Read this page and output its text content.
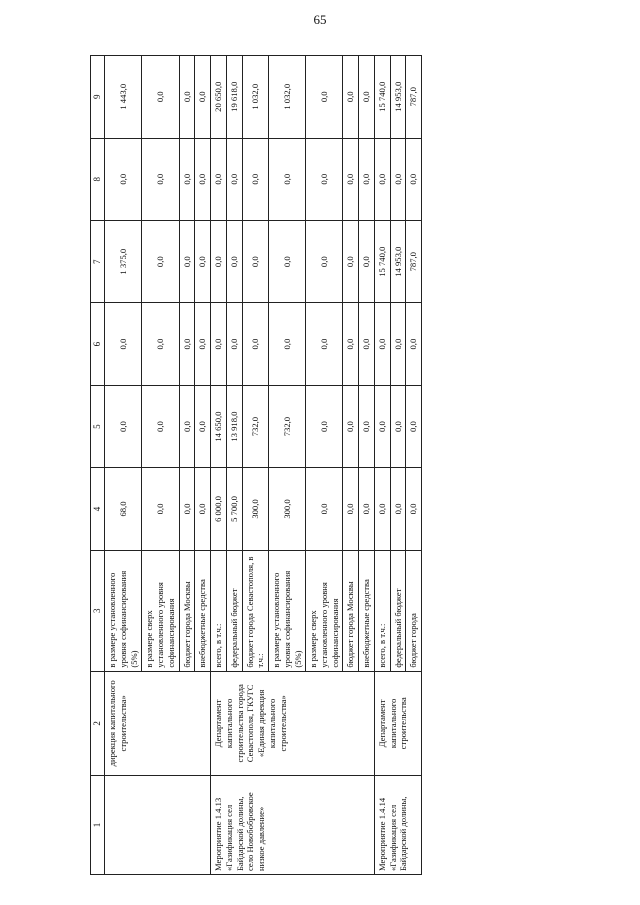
65
1	2	3	4	5	6	7	8	9
	дирекция капитального строительства»	в размере установленного уровня софинансирования (5%)	68,0	0,0	0,0	1 375,0	0,0	1 443,0
		в размере сверх установленного уровня софинансирования	0,0	0,0	0,0	0,0	0,0	0,0
		бюджет города Москвы	0,0	0,0	0,0	0,0	0,0	0,0
		внебюджетные средства	0,0	0,0	0,0	0,0	0,0	0,0
Мероприятие 1.4.13 «Газификация сел Байдарской долины, село Новобобровское низкое давление»	Департамент капитального строительства города Севастополя, ГКУГС «Единая дирекция капитального строительства»	всего, в т.ч.:	6 000,0	14 650,0	0,0	0,0	0,0	20 650,0
		федеральный бюджет	5 700,0	13 918,0	0,0	0,0	0,0	19 618,0
		бюджет города Севастополя, в т.ч.:	300,0	732,0	0,0	0,0	0,0	1 032,0
		в размере установленного уровня софинансирования (5%)	300,0	732,0	0,0	0,0	0,0	1 032,0
		в размере сверх установленного уровня софинансирования	0,0	0,0	0,0	0,0	0,0	0,0
		бюджет города Москвы	0,0	0,0	0,0	0,0	0,0	0,0
		внебюджетные средства	0,0	0,0	0,0	0,0	0,0	0,0
Мероприятие 1.4.14 «Газификация сел Байдарской долины,	Департамент капитального строительства	всего, в т.ч.:	0,0	0,0	0,0	15 740,0	0,0	15 740,0
		федеральный бюджет	0,0	0,0	0,0	14 953,0	0,0	14 953,0
		бюджет города	0,0	0,0	0,0	787,0	0,0	787,0
